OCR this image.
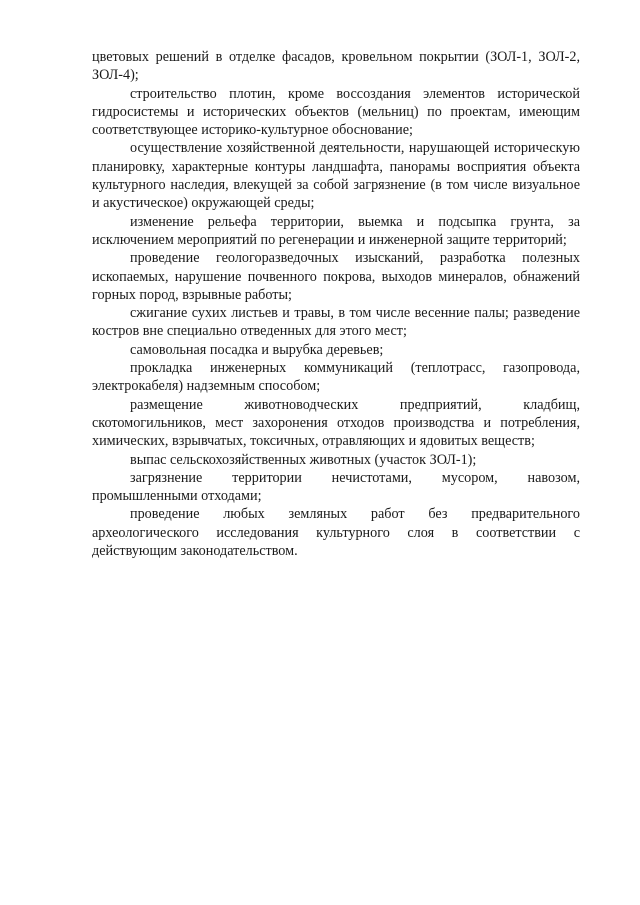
цветовых решений в отделке фасадов, кровельном покрытии (ЗОЛ-1, ЗОЛ-2, ЗОЛ-4);

строительство плотин, кроме воссоздания элементов исторической гидросистемы и исторических объектов (мельниц) по проектам, имеющим соответствующее историко-культурное обоснование;

осуществление хозяйственной деятельности, нарушающей историческую планировку, характерные контуры ландшафта, панорамы восприятия объекта культурного наследия, влекущей за собой загрязнение (в том числе визуальное и акустическое) окружающей среды;

изменение рельефа территории, выемка и подсыпка грунта, за исключением мероприятий по регенерации и инженерной защите территорий;

проведение геологоразведочных изысканий, разработка полезных ископаемых, нарушение почвенного покрова, выходов минералов, обнажений горных пород, взрывные работы;

сжигание сухих листьев и травы, в том числе весенние палы; разведение костров вне специально отведенных для этого мест;

самовольная посадка и вырубка деревьев;

прокладка инженерных коммуникаций (теплотрасс, газопровода, электрокабеля) надземным способом;

размещение животноводческих предприятий, кладбищ, скотомогильников, мест захоронения отходов производства и потребления, химических, взрывчатых, токсичных, отравляющих и ядовитых веществ;

выпас сельскохозяйственных животных (участок ЗОЛ-1);

загрязнение территории нечистотами, мусором, навозом, промышленными отходами;

проведение любых земляных работ без предварительного археологического исследования культурного слоя в соответствии с действующим законодательством.
